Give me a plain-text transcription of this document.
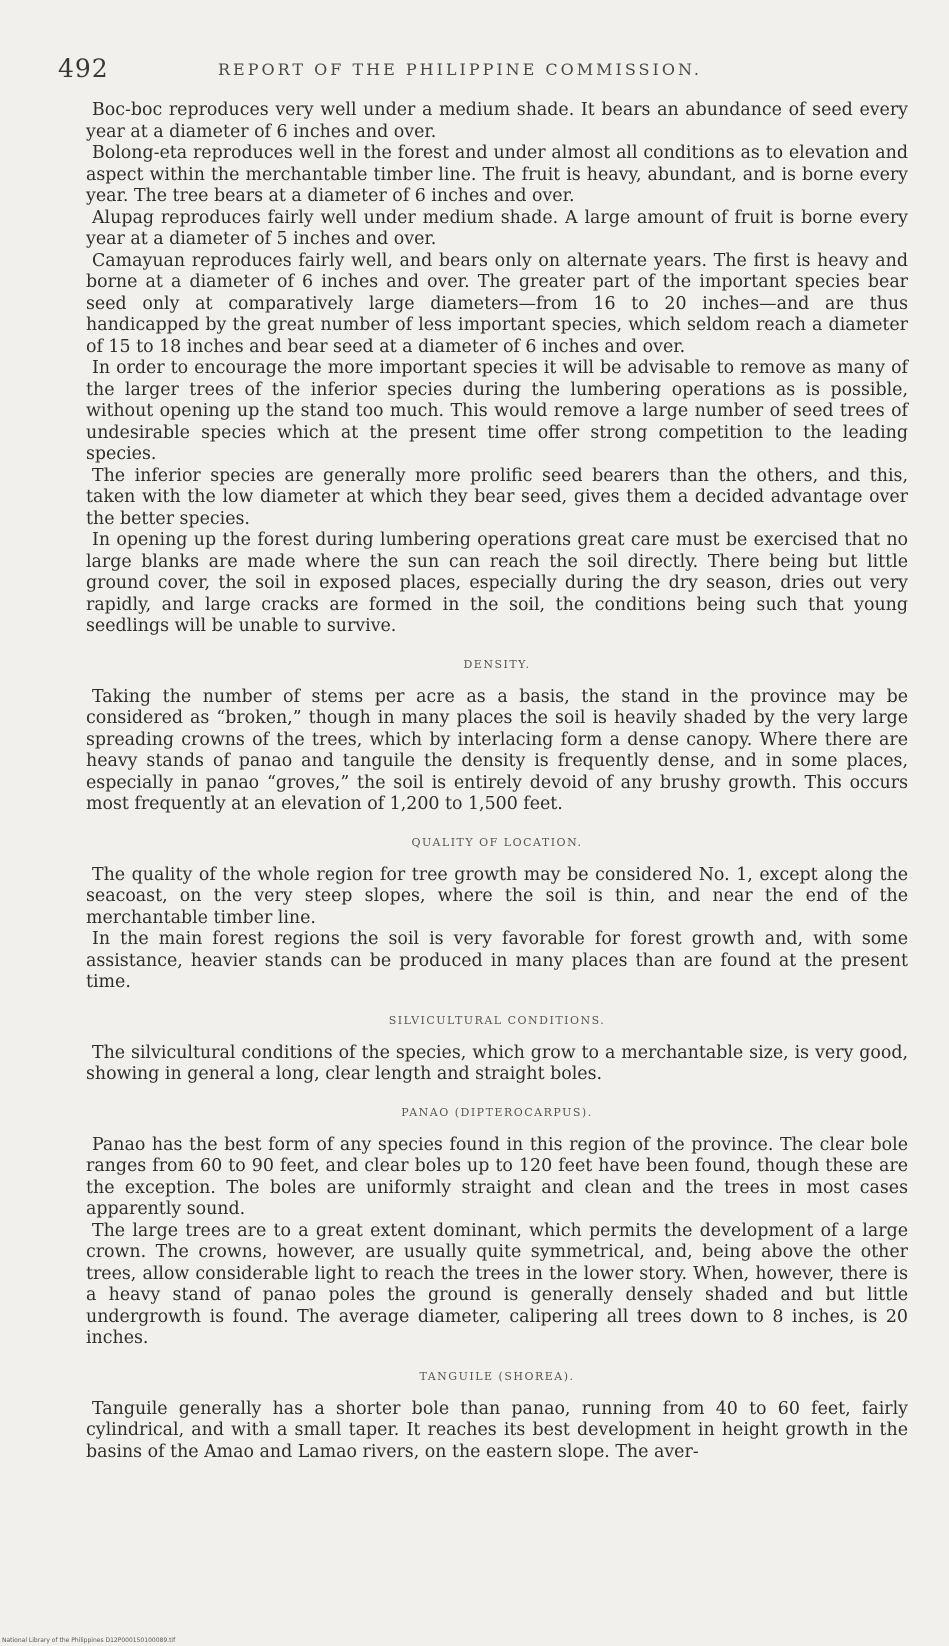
492	REPORT OF THE PHILIPPINE COMMISSION.

Boc-boc reproduces very well under a medium shade. It bears an abundance of seed every year at a diameter of 6 inches and over.

Bolong-eta reproduces well in the forest and under almost all conditions as to elevation and aspect within the merchantable timber line. The fruit is heavy, abundant, and is borne every year. The tree bears at a diameter of 6 inches and over.

Alupag reproduces fairly well under medium shade. A large amount of fruit is borne every year at a diameter of 5 inches and over.

Camayuan reproduces fairly well, and bears only on alternate years. The first is heavy and borne at a diameter of 6 inches and over. The greater part of the important species bear seed only at comparatively large diameters—from 16 to 20 inches—and are thus handicapped by the great number of less important species, which seldom reach a diameter of 15 to 18 inches and bear seed at a diameter of 6 inches and over.

In order to encourage the more important species it will be advisable to remove as many of the larger trees of the inferior species during the lumbering operations as is possible, without opening up the stand too much. This would remove a large number of seed trees of undesirable species which at the present time offer strong competition to the leading species.

The inferior species are generally more prolific seed bearers than the others, and this, taken with the low diameter at which they bear seed, gives them a decided advantage over the better species.

In opening up the forest during lumbering operations great care must be exercised that no large blanks are made where the sun can reach the soil directly. There being but little ground cover, the soil in exposed places, especially during the dry season, dries out very rapidly, and large cracks are formed in the soil, the conditions being such that young seedlings will be unable to survive.

DENSITY.

Taking the number of stems per acre as a basis, the stand in the province may be considered as “broken,” though in many places the soil is heavily shaded by the very large spreading crowns of the trees, which by interlacing form a dense canopy. Where there are heavy stands of panao and tanguile the density is frequently dense, and in some places, especially in panao “groves,” the soil is entirely devoid of any brushy growth. This occurs most frequently at an elevation of 1,200 to 1,500 feet.

QUALITY OF LOCATION.

The quality of the whole region for tree growth may be considered No. 1, except along the seacoast, on the very steep slopes, where the soil is thin, and near the end of the merchantable timber line.

In the main forest regions the soil is very favorable for forest growth and, with some assistance, heavier stands can be produced in many places than are found at the present time.

SILVICULTURAL CONDITIONS.

The silvicultural conditions of the species, which grow to a merchantable size, is very good, showing in general a long, clear length and straight boles.

PANAO (DIPTEROCARPUS).

Panao has the best form of any species found in this region of the province. The clear bole ranges from 60 to 90 feet, and clear boles up to 120 feet have been found, though these are the exception. The boles are uniformly straight and clean and the trees in most cases apparently sound.

The large trees are to a great extent dominant, which permits the development of a large crown. The crowns, however, are usually quite symmetrical, and, being above the other trees, allow considerable light to reach the trees in the lower story. When, however, there is a heavy stand of panao poles the ground is generally densely shaded and but little undergrowth is found. The average diameter, calipering all trees down to 8 inches, is 20 inches.

TANGUILE (SHOREA).

Tanguile generally has a shorter bole than panao, running from 40 to 60 feet, fairly cylindrical, and with a small taper. It reaches its best development in height growth in the basins of the Amao and Lamao rivers, on the eastern slope. The aver-

National Library of the Philippines D12P000150100089.tif
